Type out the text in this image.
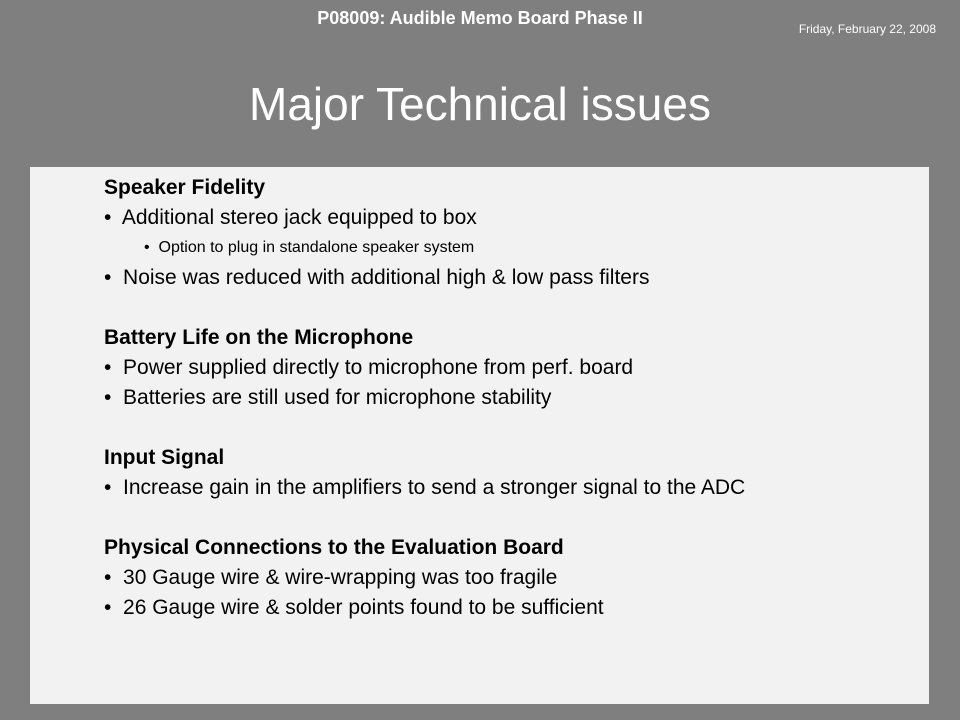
P08009: Audible Memo Board Phase II
Friday, February 22, 2008
Major Technical issues
Speaker Fidelity
• Additional stereo jack equipped to box
•  Option to plug in standalone speaker system
• Noise was reduced with additional high & low pass filters
Battery Life on the Microphone
• Power supplied directly to microphone from perf. board
• Batteries are still used for microphone stability
Input Signal
• Increase gain in the amplifiers to send a stronger signal to the ADC
Physical Connections to the Evaluation Board
• 30 Gauge wire & wire-wrapping was too fragile
• 26 Gauge wire & solder points found to be sufficient
